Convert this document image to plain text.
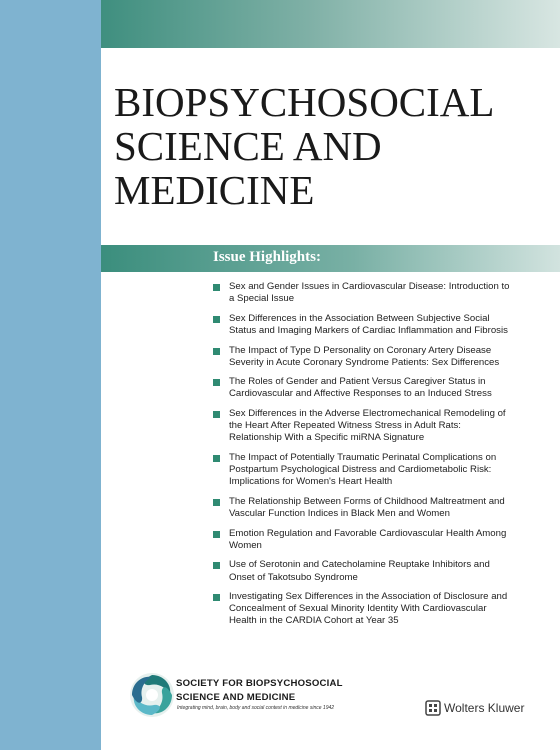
BIOPSYCHOSOCIAL
SCIENCE AND
MEDICINE
Issue Highlights:
Sex and Gender Issues in Cardiovascular Disease: Introduction to a Special Issue
Sex Differences in the Association Between Subjective Social Status and Imaging Markers of Cardiac Inflammation and Fibrosis
The Impact of Type D Personality on Coronary Artery Disease Severity in Acute Coronary Syndrome Patients: Sex Differences
The Roles of Gender and Patient Versus Caregiver Status in Cardiovascular and Affective Responses to an Induced Stress
Sex Differences in the Adverse Electromechanical Remodeling of the Heart After Repeated Witness Stress in Adult Rats: Relationship With a Specific miRNA Signature
The Impact of Potentially Traumatic Perinatal Complications on Postpartum Psychological Distress and Cardiometabolic Risk: Implications for Women's Heart Health
The Relationship Between Forms of Childhood Maltreatment and Vascular Function Indices in Black Men and Women
Emotion Regulation and Favorable Cardiovascular Health Among Women
Use of Serotonin and Catecholamine Reuptake Inhibitors and Onset of Takotsubo Syndrome
Investigating Sex Differences in the Association of Disclosure and Concealment of Sexual Minority Identity With Cardiovascular Health in the CARDIA Cohort at Year 35
SOCIETY FOR BIOPSYCHOSOCIAL
SCIENCE AND MEDICINE
Integrating mind, brain, body and social context in medicine since 1942	Wolters Kluwer
